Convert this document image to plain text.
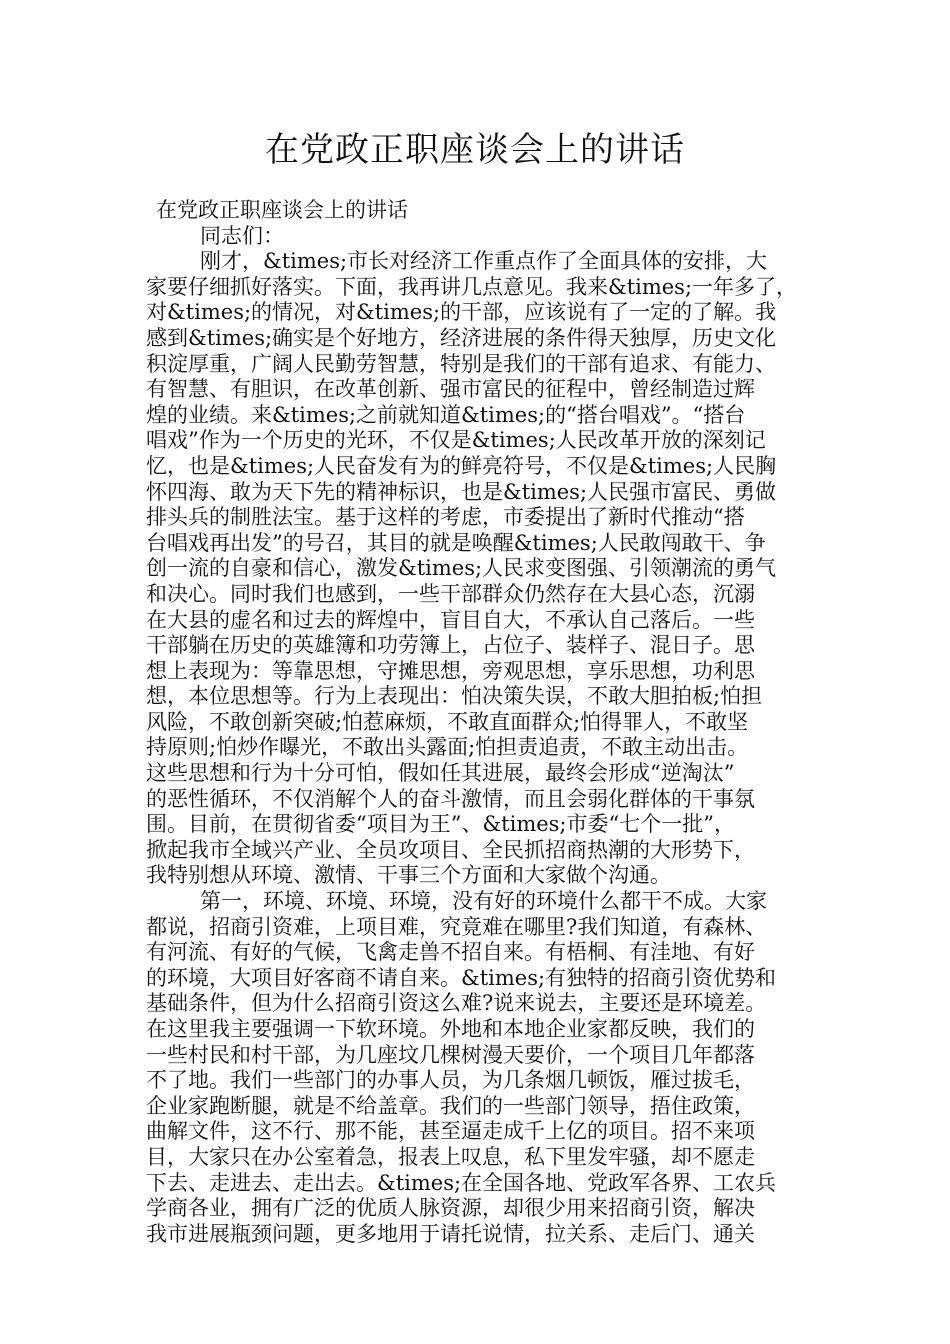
在党政正职座谈会上的讲话
在党政正职座谈会上的讲话
同志们：
刚才，&times;市长对经济工作重点作了全面具体的安排，大
家要仔细抓好落实。下面，我再讲几点意见。我来&times;一年多了，
对&times;的情况，对&times;的干部，应该说有了一定的了解。我
感到&times;确实是个好地方，经济进展的条件得天独厚，历史文化
积淀厚重，广阔人民勤劳智慧，特别是我们的干部有追求、有能力、
有智慧、有胆识，在改革创新、强市富民的征程中，曾经制造过辉
煌的业绩。来&times;之前就知道&times;的“搭台唱戏”。“搭台
唱戏”作为一个历史的光环，不仅是&times;人民改革开放的深刻记
忆，也是&times;人民奋发有为的鲜亮符号，不仅是&times;人民胸
怀四海、敢为天下先的精神标识，也是&times;人民强市富民、勇做
排头兵的制胜法宝。基于这样的考虑，市委提出了新时代推动“搭
台唱戏再出发”的号召，其目的就是唤醒&times;人民敢闯敢干、争
创一流的自豪和信心，激发&times;人民求变图强、引领潮流的勇气
和决心。同时我们也感到，一些干部群众仍然存在大县心态，沉溺
在大县的虚名和过去的辉煌中，盲目自大，不承认自己落后。一些
干部躺在历史的英雄簿和功劳簿上，占位子、装样子、混日子。思
想上表现为：等靠思想，守摊思想，旁观思想，享乐思想，功利思
想，本位思想等。行为上表现出：怕决策失误，不敢大胆拍板;怕担
风险，不敢创新突破;怕惹麻烦，不敢直面群众;怕得罪人，不敢坚
持原则;怕炒作曝光，不敢出头露面;怕担责追责，不敢主动出击。
这些思想和行为十分可怕，假如任其进展，最终会形成“逆淘汰”
的恶性循环，不仅消解个人的奋斗激情，而且会弱化群体的干事氛
围。目前，在贯彻省委“项目为王”、&times;市委“七个一批”，
掀起我市全域兴产业、全员攻项目、全民抓招商热潮的大形势下，
我特别想从环境、激情、干事三个方面和大家做个沟通。
第一，环境、环境、环境，没有好的环境什么都干不成。大家
都说，招商引资难，上项目难，究竟难在哪里?我们知道，有森林、
有河流、有好的气候，飞禽走兽不招自来。有梧桐、有洼地、有好
的环境，大项目好客商不请自来。&times;有独特的招商引资优势和
基础条件，但为什么招商引资这么难?说来说去，主要还是环境差。
在这里我主要强调一下软环境。外地和本地企业家都反映，我们的
一些村民和村干部，为几座坟几棵树漫天要价，一个项目几年都落
不了地。我们一些部门的办事人员，为几条烟几顿饭，雁过拔毛，
企业家跑断腿，就是不给盖章。我们的一些部门领导，捂住政策，
曲解文件，这不行、那不能，甚至逼走成千上亿的项目。招不来项
目，大家只在办公室着急，报表上叹息，私下里发牢骚，却不愿走
下去、走进去、走出去。&times;在全国各地、党政军各界、工农兵
学商各业，拥有广泛的优质人脉资源，却很少用来招商引资，解决
我市进展瓶颈问题，更多地用于请托说情，拉关系、走后门、通关
